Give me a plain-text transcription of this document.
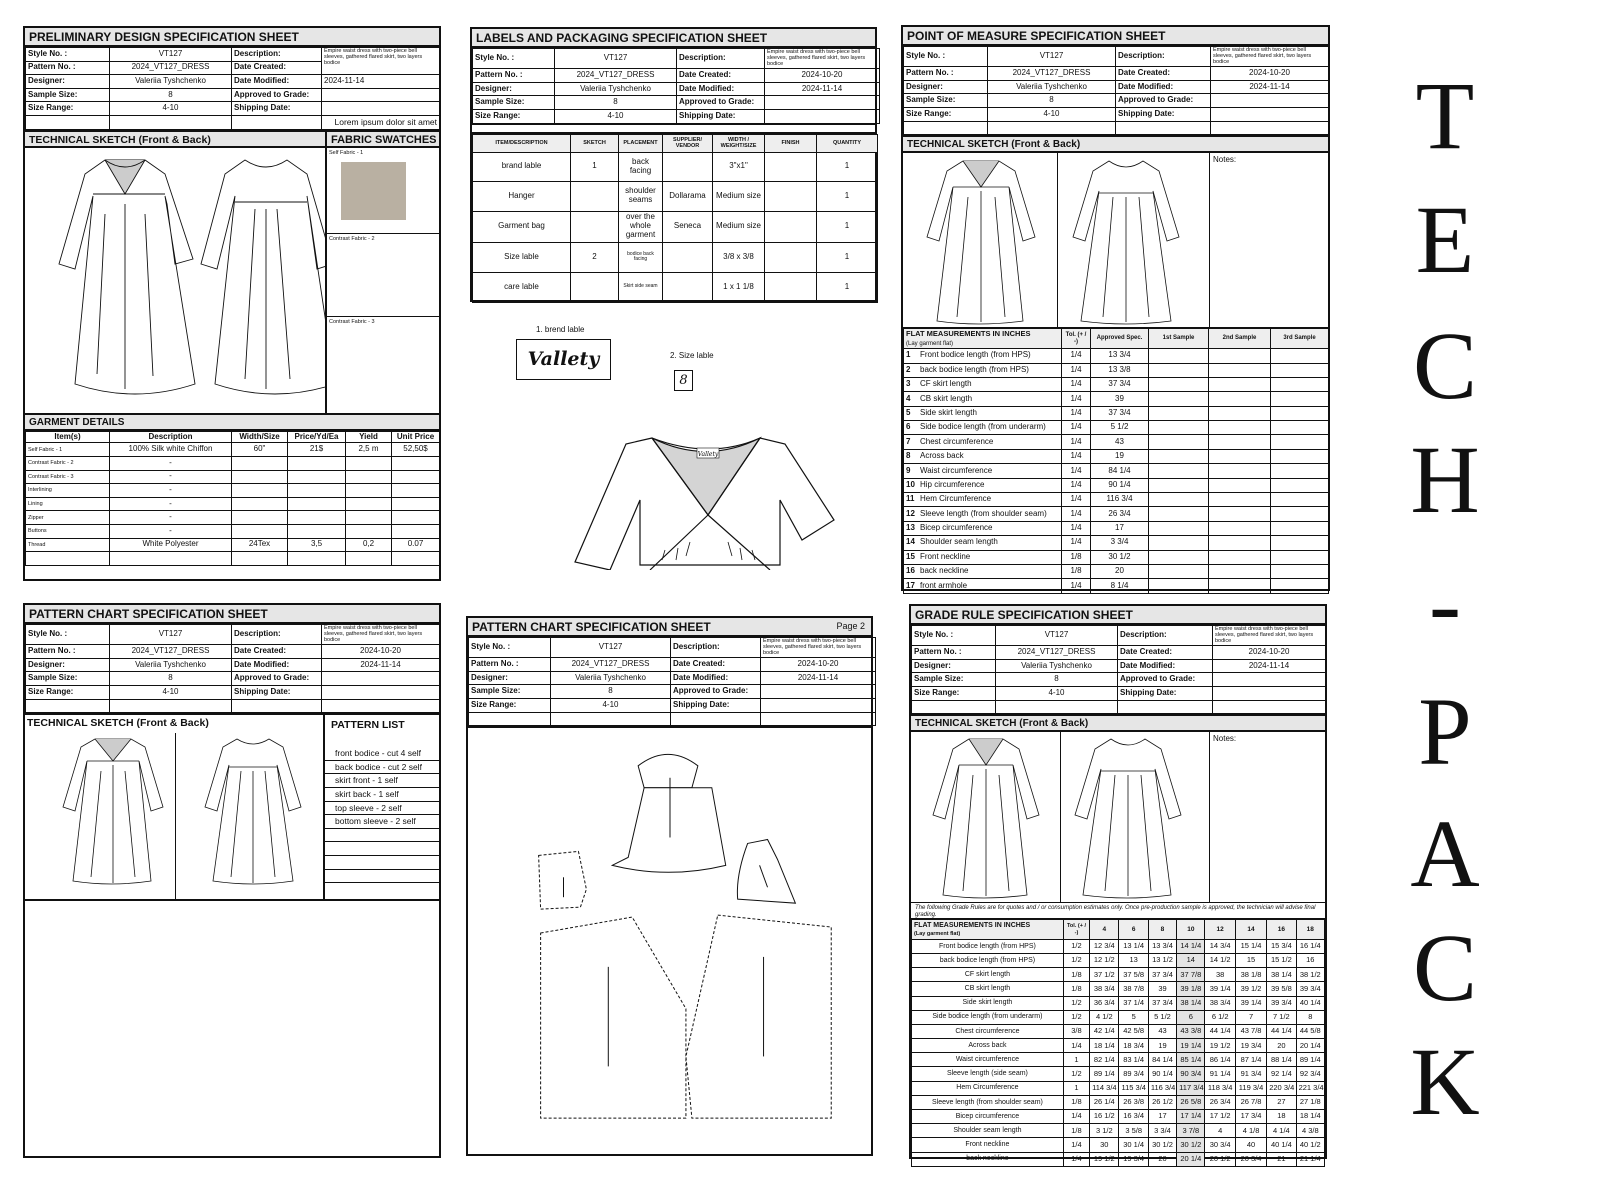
PRELIMINARY DESIGN SPECIFICATION SHEET
Style No. :	VT127	Description:	Empire waist dress with two-piece bell sleeves, gathered flared skirt, two layers bodice
Pattern No. :	2024_VT127_DRESS	Date Created:	
Designer:	Valeriia Tyshchenko	Date Modified:	2024-11-14
Sample Size:	8	Approved to Grade:	
Size Range:	4-10	Shipping Date:	
			Lorem ipsum dolor sit amet
TECHNICAL SKETCH (Front & Back)	FABRIC SWATCHES
Self Fabric - 1
Contrast Fabric - 2
Contrast Fabric - 3
GARMENT DETAILS
Item(s)	Description	Width/Size	Price/Yd/Ea	Yield	Unit Price
Self Fabric - 1	100% Silk white Chiffon	60"	21$	2,5 m	52,50$
Contrast Fabric - 2	-				
Contrast Fabric - 3	-				
Interlining	-				
Lining	-				
Zipper	-				
Buttons	-				
Thread	White Polyester	24Tex	3,5	0,2	0.07

LABELS AND PACKAGING SPECIFICATION SHEET
Style No. :	VT127	Description:	Empire waist dress with two-piece bell sleeves, gathered flared skirt, two layers bodice
Pattern No. :	2024_VT127_DRESS	Date Created:	2024-10-20
Designer:	Valeriia Tyshchenko	Date Modified:	2024-11-14
Sample Size:	8	Approved to Grade:	
Size Range:	4-10	Shipping Date:	
ITEM/DESCRIPTION	SKETCH	PLACEMENT	SUPPLIER/ VENDOR	WIDTH / WEIGHT/SIZE	FINISH	QUANTITY
brand lable	1	back facing		3"x1"		1
Hanger		shoulder seams	Dollarama	Medium size		1
Garment bag		over the whole garment	Seneca	Medium size		1
Size lable	2	bodice back facing		3/8 x 3/8		1
care lable		Skirt side seam		1 x 1 1/8		1
1. brend lable
Vallety	2. Size lable
8
Vallety
POINT OF MEASURE SPECIFICATION SHEET
Style No. :	VT127	Description:	Empire waist dress with two-piece bell sleeves, gathered flared skirt, two layers bodice
Pattern No. :	2024_VT127_DRESS	Date Created:	2024-10-20
Designer:	Valeriia Tyshchenko	Date Modified:	2024-11-14
Sample Size:	8	Approved to Grade:	
Size Range:	4-10	Shipping Date:	

TECHNICAL SKETCH (Front & Back)
Notes:
FLAT MEASUREMENTS IN INCHES
(Lay garment flat)	Tol. (+ / -)	Approved Spec.	1st Sample	2nd Sample	3rd Sample
1 Front bodice length (from HPS)	1/4	13 3/4			
2 back bodice length (from HPS)	1/4	13 3/8			
3 CF skirt length	1/4	37 3/4			
4 CB skirt length	1/4	39			
5 Side skirt length	1/4	37 3/4			
6 Side bodice length (from underarm)	1/4	5 1/2			
7 Chest circumference	1/4	43			
8 Across back	1/4	19			
9 Waist circumference	1/4	84 1/4			
10 Hip circumference	1/4	90 1/4			
11 Hem Circumference	1/4	116 3/4			
12 Sleeve length (from shoulder seam)	1/4	26 3/4			
13 Bicep circumference	1/4	17			
14 Shoulder seam length	1/4	3 3/4			
15 Front neckline	1/8	30 1/2			
16 back neckline	1/8	20			
17 front armhole	1/4	8 1/4			
PATTERN CHART SPECIFICATION SHEET
Style No. :	VT127	Description:	Empire waist dress with two-piece bell sleeves, gathered flared skirt, two layers bodice
Pattern No. :	2024_VT127_DRESS	Date Created:	2024-10-20
Designer:	Valeriia Tyshchenko	Date Modified:	2024-11-14
Sample Size:	8	Approved to Grade:	
Size Range:	4-10	Shipping Date:	

TECHNICAL SKETCH (Front & Back)	PATTERN LIST
front bodice - cut 4 self
back bodice - cut 2 self
skirt front - 1 self
skirt back - 1 self
top sleeve - 2 self
bottom sleeve - 2 self
PATTERN CHART SPECIFICATION SHEET	Page 2
Style No. :	VT127	Description:	Empire waist dress with two-piece bell sleeves, gathered flared skirt, two layers bodice
Pattern No. :	2024_VT127_DRESS	Date Created:	2024-10-20
Designer:	Valeriia Tyshchenko	Date Modified:	2024-11-14
Sample Size:	8	Approved to Grade:	
Size Range:	4-10	Shipping Date:	

GRADE RULE SPECIFICATION SHEET
Style No. :	VT127	Description:	Empire waist dress with two-piece bell sleeves, gathered flared skirt, two layers bodice
Pattern No. :	2024_VT127_DRESS	Date Created:	2024-10-20
Designer:	Valeriia Tyshchenko	Date Modified:	2024-11-14
Sample Size:	8	Approved to Grade:	
Size Range:	4-10	Shipping Date:	

TECHNICAL SKETCH (Front & Back)
Notes:
The following Grade Rules are for quotes and / or consumption estimates only. Once pre-production sample is approved, the technician will advise final grading.
FLAT MEASUREMENTS IN INCHES
(Lay garment flat)	Tol. (+ / -)	4	6	8	10	12	14	16	18
Front bodice length (from HPS)	1/2	12 3/4	13 1/4	13 3/4	14 1/4	14 3/4	15 1/4	15 3/4	16 1/4
back bodice length (from HPS)	1/2	12 1/2	13	13 1/2	14	14 1/2	15	15 1/2	16
CF skirt length	1/8	37 1/2	37 5/8	37 3/4	37 7/8	38	38 1/8	38 1/4	38 1/2
CB skirt length	1/8	38 3/4	38 7/8	39	39 1/8	39 1/4	39 1/2	39 5/8	39 3/4
Side skirt length	1/2	36 3/4	37 1/4	37 3/4	38 1/4	38 3/4	39 1/4	39 3/4	40 1/4
Side bodice length (from underarm)	1/2	4 1/2	5	5 1/2	6	6 1/2	7	7 1/2	8
Chest circumference	3/8	42 1/4	42 5/8	43	43 3/8	44 1/4	43 7/8	44 1/4	44 5/8
Across back	1/4	18 1/4	18 3/4	19	19 1/4	19 1/2	19 3/4	20	20 1/4
Waist circumference	1	82 1/4	83 1/4	84 1/4	85 1/4	86 1/4	87 1/4	88 1/4	89 1/4
Sleeve length (side seam)	1/2	89 1/4	89 3/4	90 1/4	90 3/4	91 1/4	91 3/4	92 1/4	92 3/4
Hem Circumference	1	114 3/4	115 3/4	116 3/4	117 3/4	118 3/4	119 3/4	220 3/4	221 3/4
Sleeve length (from shoulder seam)	1/8	26 1/4	26 3/8	26 1/2	26 5/8	26 3/4	26 7/8	27	27 1/8
Bicep circumference	1/4	16 1/2	16 3/4	17	17 1/4	17 1/2	17 3/4	18	18 1/4
Shoulder seam length	1/8	3 1/2	3 5/8	3 3/4	3 7/8	4	4 1/8	4 1/4	4 3/8
Front neckline	1/4	30	30 1/4	30 1/2	30 1/2	30 3/4	40	40 1/4	40 1/2
back neckline	1/4	19 1/2	19 3/4	20	20 1/4	20 1/2	20 3/4	21	21 1/4
T
E
C
H
-
P
A
C
K
